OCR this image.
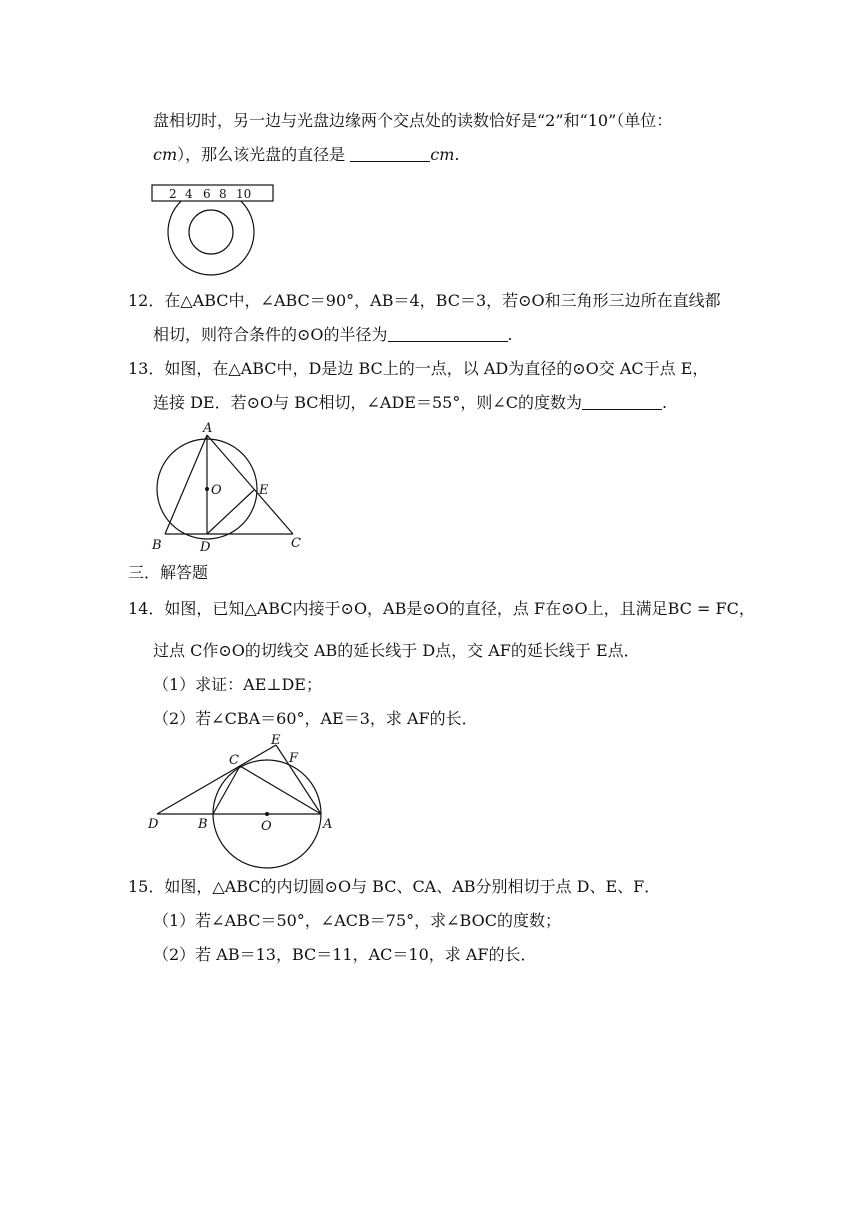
盘相切时，另一边与光盘边缘两个交点处的读数恰好是“2”和“10”（单位：
cm），那么该光盘的直径是	cm.
2 4 6 8 10
12．在△ABC中，∠ABC＝90°，AB＝4，BC＝3，若⊙O和三角形三边所在直线都
相切，则符合条件的⊙O的半径为	.
13．如图，在△ABC中，D是边 BC上的一点，以 AD为直径的⊙O交 AC于点 E，
连接 DE．若⊙O与 BC相切，∠ADE＝55°，则∠C的度数为	.
A
O	E
B	D	C
三．解答题
14．如图，已知△ABC内接于⊙O，AB是⊙O的直径，点 F在⊙O上，且满足BC = FC，
过点 C作⊙O的切线交 AB的延长线于 D点，交 AF的延长线于 E点．
（1）求证：AE⊥DE；
（2）若∠CBA＝60°，AE＝3，求 AF的长．
E
C	F
D	B	O	A
15．如图，△ABC的内切圆⊙O与 BC、CA、AB分别相切于点 D、E、F．
（1）若∠ABC＝50°，∠ACB＝75°，求∠BOC的度数；
（2）若 AB＝13，BC＝11，AC＝10，求 AF的长．
